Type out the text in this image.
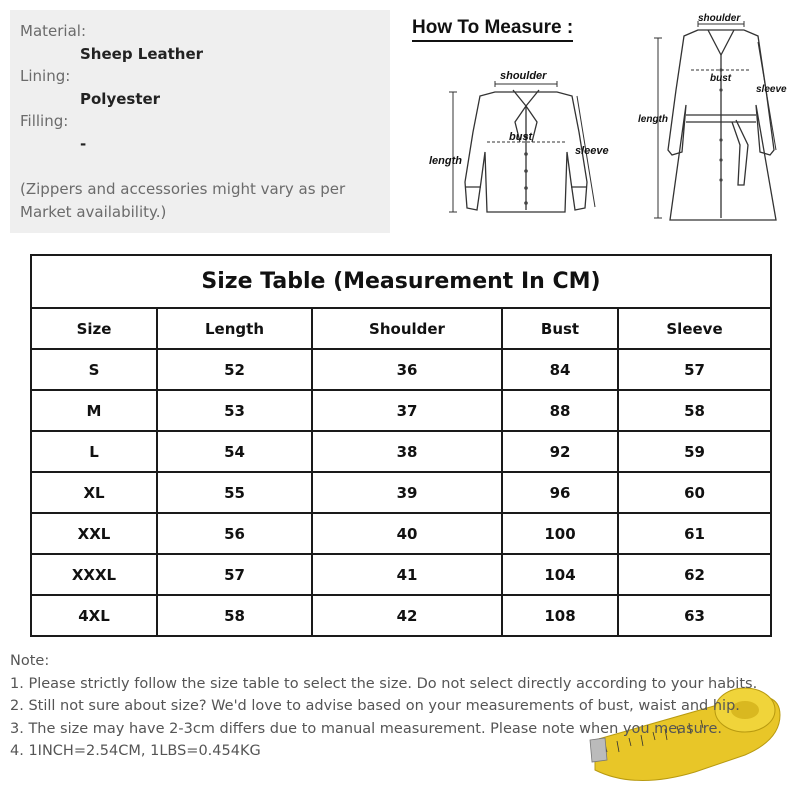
Material:
Sheep Leather
Lining:
Polyester
Filling:
-
(Zippers and accessories might vary as per
Market availability.)
How To Measure :
shoulder
bust
length
sleeve
shoulder
bust
length
sleeve
Size Table (Measurement In CM)				
Size	Length	Shoulder	Bust	Sleeve
S	52	36	84	57
M	53	37	88	58
L	54	38	92	59
XL	55	39	96	60
XXL	56	40	100	61
XXXL	57	41	104	62
4XL	58	42	108	63
Note:
1. Please strictly follow the size table to select the size. Do not select directly according to your habits.
2. Still not sure about size? We'd love to advise based on your measurements of bust, waist and hip.
3. The size may have 2-3cm differs due to manual measurement. Please note when you measure.
4. 1INCH=2.54CM, 1LBS=0.454KG
